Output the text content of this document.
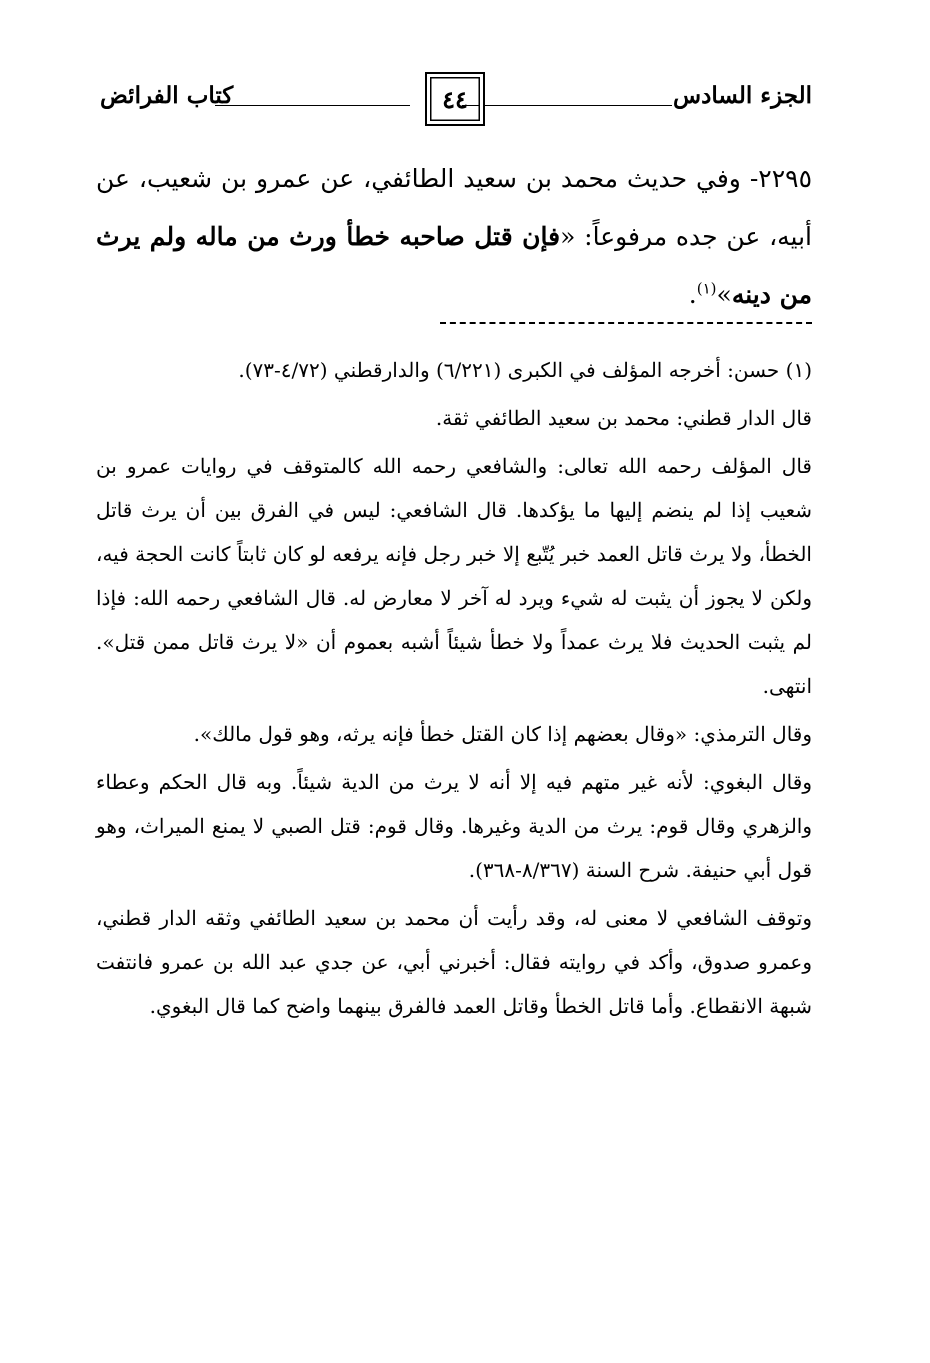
الجزء السادس
٤٤
كتاب الفرائض

٢٢٩٥- وفي حديث محمد بن سعيد الطائفي، عن عمرو بن شعيب، عن أبيه، عن جده مرفوعاً: «فإن قتل صاحبه خطأ ورث من ماله ولم يرث من دينه»$^{(١)}$.

(١) حسن: أخرجه المؤلف في الكبرى (٦/٢٢١) والدارقطني (٤/٧٢-٧٣).

قال الدار قطني: محمد بن سعيد الطائفي ثقة.

قال المؤلف رحمه الله تعالى: والشافعي رحمه الله كالمتوقف في روايات عمرو بن شعيب إذا لم ينضم إليها ما يؤكدها. قال الشافعي: ليس في الفرق بين أن يرث قاتل الخطأ، ولا يرث قاتل العمد خبر يُتّبع إلا خبر رجل فإنه يرفعه لو كان ثابتاً كانت الحجة فيه، ولكن لا يجوز أن يثبت له شيء ويرد له آخر لا معارض له. قال الشافعي رحمه الله: فإذا لم يثبت الحديث فلا يرث عمداً ولا خطأ شيئاً أشبه بعموم أن «لا يرث قاتل ممن قتل». انتهى.

وقال الترمذي: «وقال بعضهم إذا كان القتل خطأ فإنه يرثه، وهو قول مالك».

وقال البغوي: لأنه غير متهم فيه إلا أنه لا يرث من الدية شيئاً. وبه قال الحكم وعطاء والزهري وقال قوم: يرث من الدية وغيرها. وقال قوم: قتل الصبي لا يمنع الميراث، وهو قول أبي حنيفة. شرح السنة (٨/٣٦٧-٣٦٨).

وتوقف الشافعي لا معنى له، وقد رأيت أن محمد بن سعيد الطائفي وثقه الدار قطني، وعمرو صدوق، وأكد في روايته فقال: أخبرني أبي، عن جدي عبد الله بن عمرو فانتفت شبهة الانقطاع. وأما قاتل الخطأ وقاتل العمد فالفرق بينهما واضح كما قال البغوي.
